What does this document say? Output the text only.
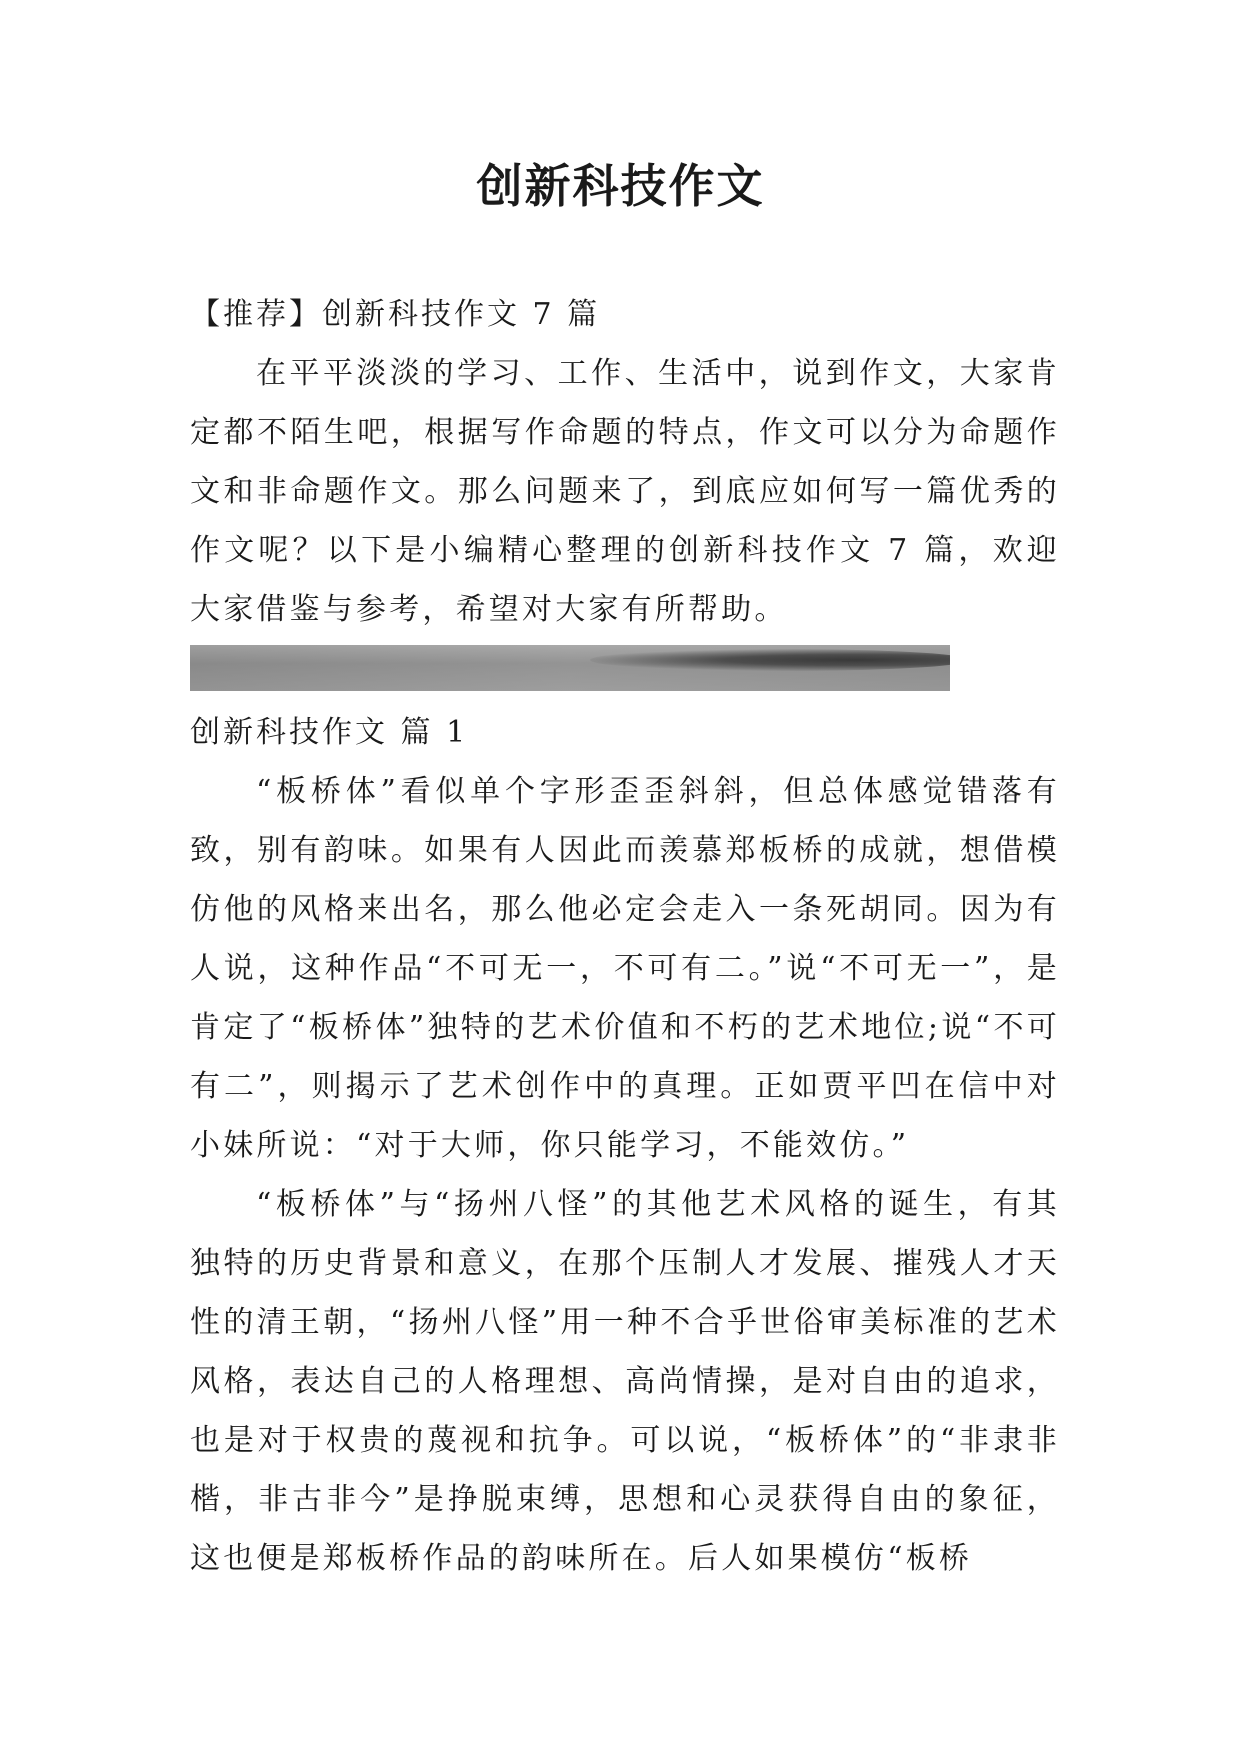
创新科技作文

【推荐】创新科技作文 7 篇

在平平淡淡的学习、工作、生活中，说到作文，大家肯定都不陌生吧，根据写作命题的特点，作文可以分为命题作文和非命题作文。那么问题来了，到底应如何写一篇优秀的作文呢？以下是小编精心整理的创新科技作文 7 篇，欢迎大家借鉴与参考，希望对大家有所帮助。

创新科技作文 篇 1

“板桥体”看似单个字形歪歪斜斜，但总体感觉错落有致，别有韵味。如果有人因此而羡慕郑板桥的成就，想借模仿他的风格来出名，那么他必定会走入一条死胡同。因为有人说，这种作品“不可无一，不可有二。”说“不可无一”，是肯定了“板桥体”独特的艺术价值和不朽的艺术地位;说“不可有二”，则揭示了艺术创作中的真理。正如贾平凹在信中对小妹所说：“对于大师，你只能学习，不能效仿。”

“板桥体”与“扬州八怪”的其他艺术风格的诞生，有其独特的历史背景和意义，在那个压制人才发展、摧残人才天性的清王朝，“扬州八怪”用一种不合乎世俗审美标准的艺术风格，表达自己的人格理想、高尚情操，是对自由的追求，也是对于权贵的蔑视和抗争。可以说，“板桥体”的“非隶非楷，非古非今”是挣脱束缚，思想和心灵获得自由的象征，这也便是郑板桥作品的韵味所在。后人如果模仿“板桥
